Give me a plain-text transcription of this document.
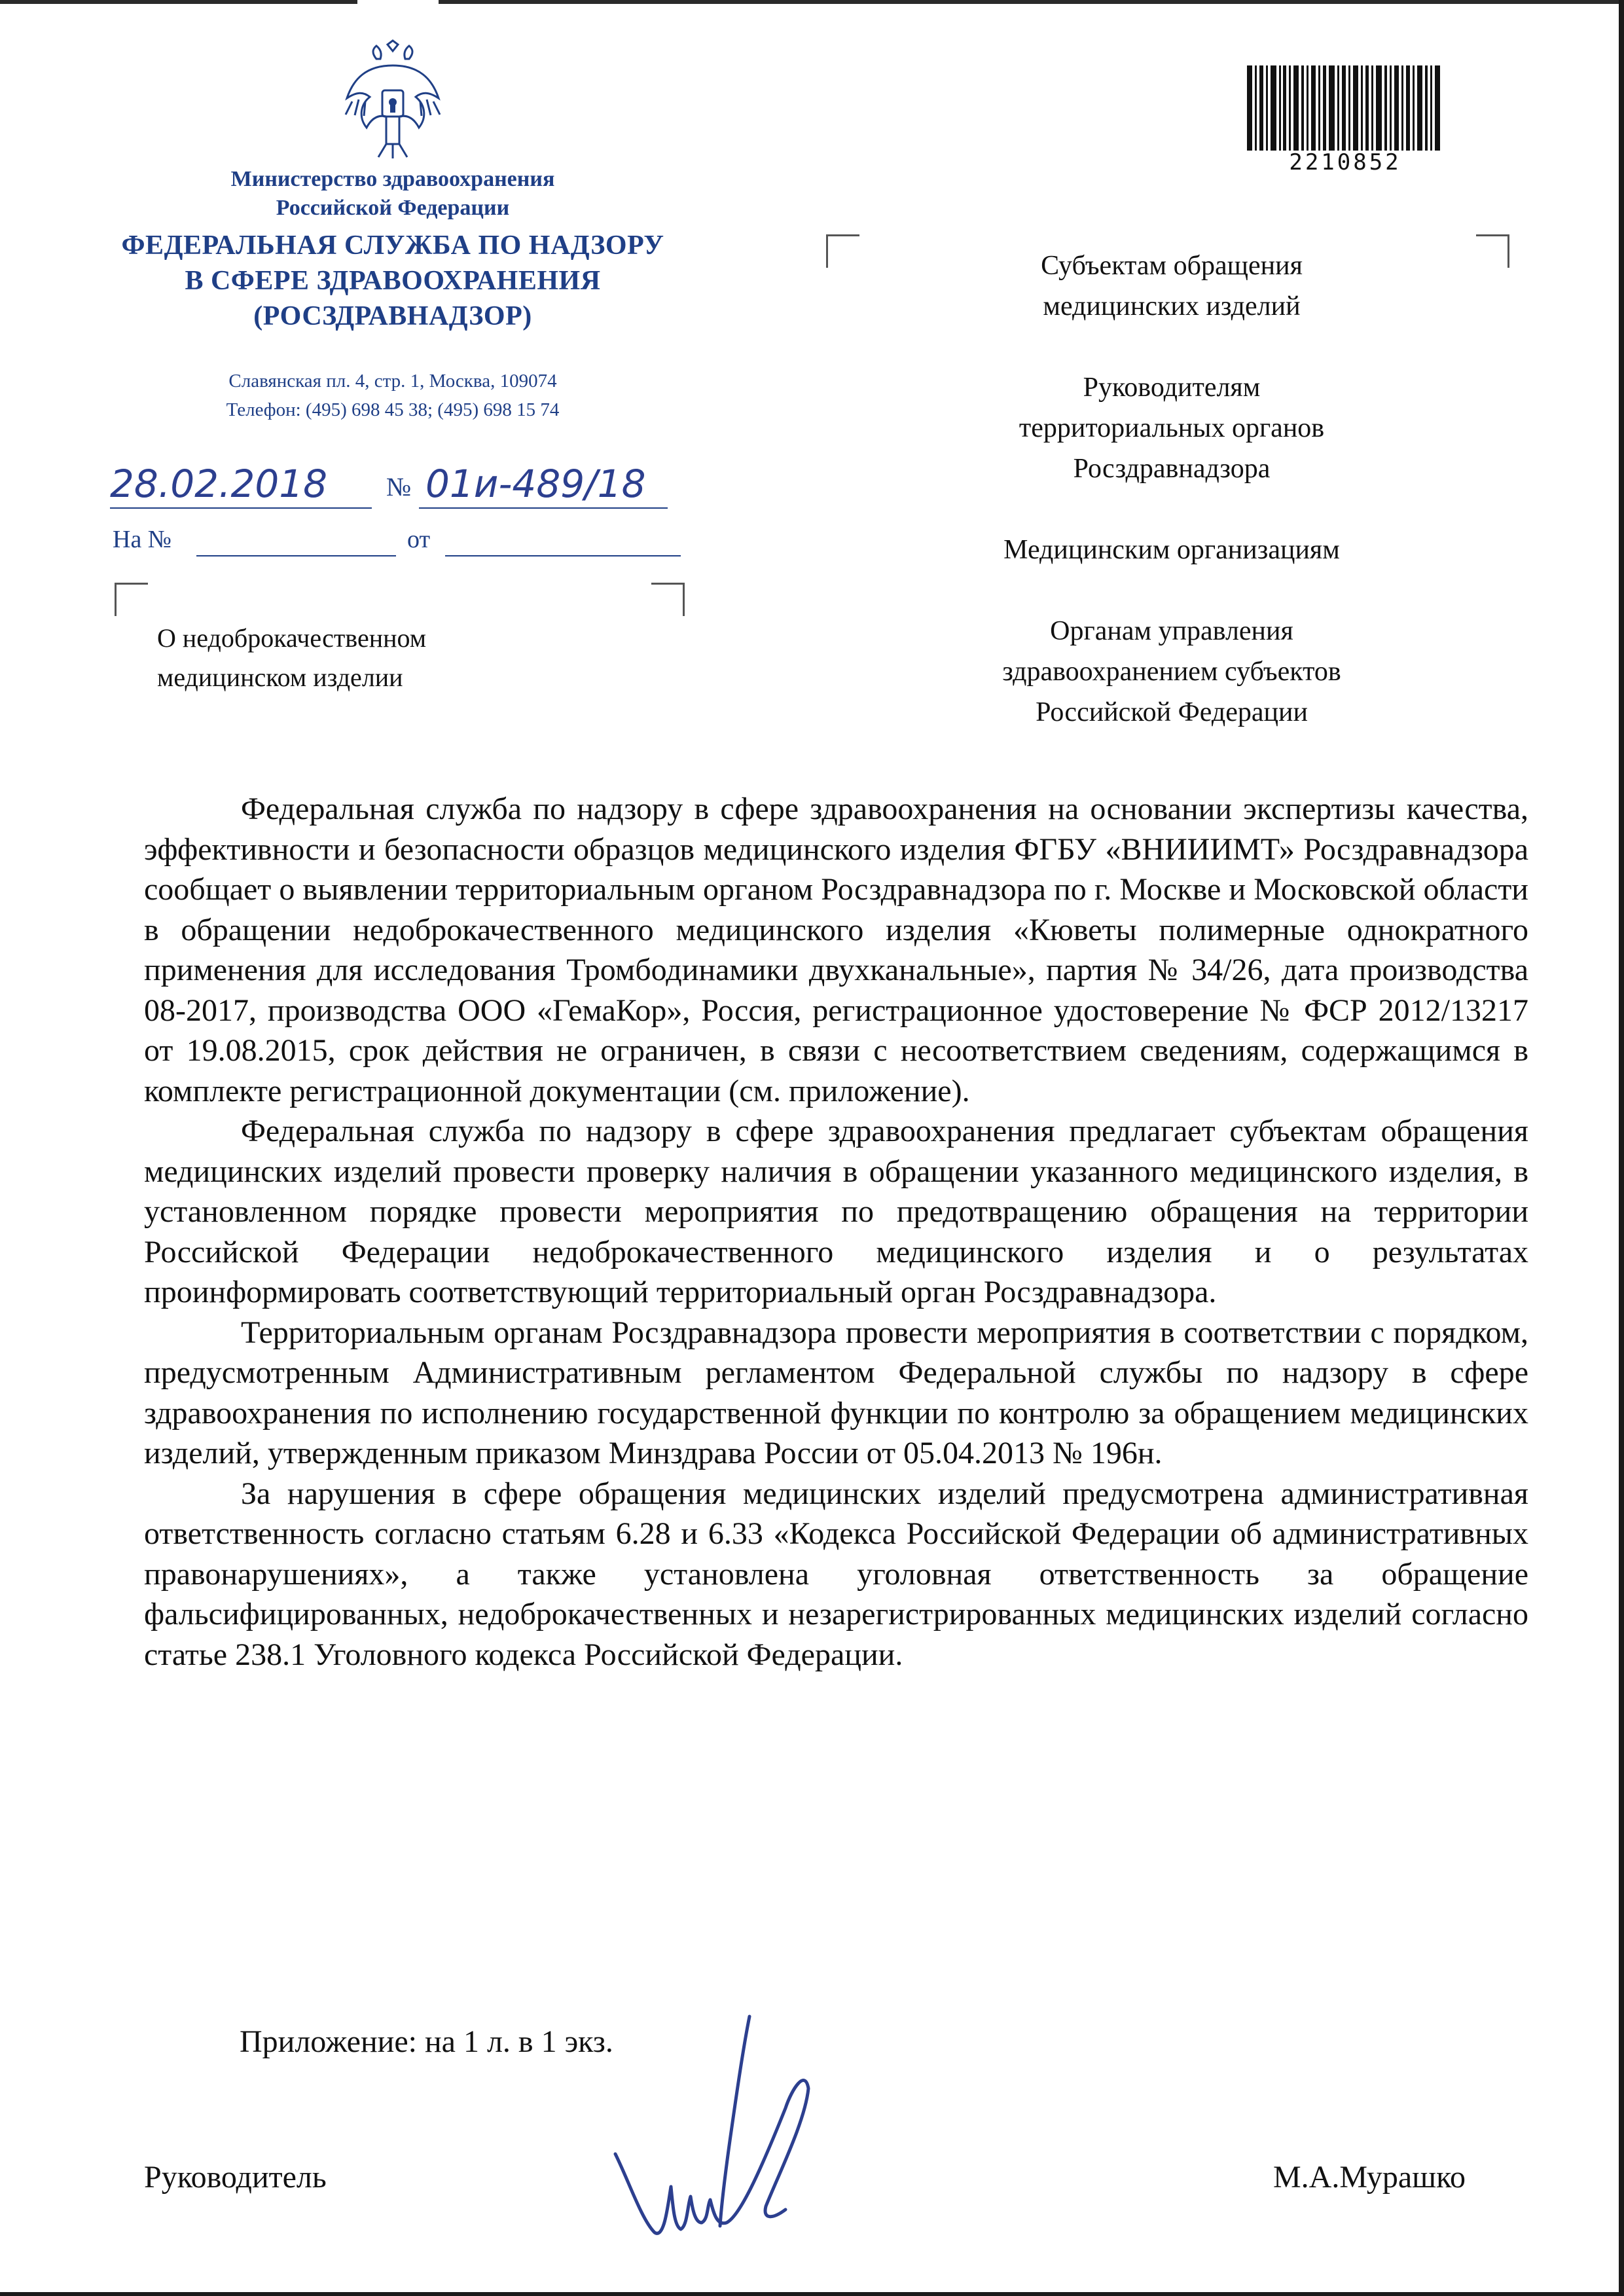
Министерство здравоохранения
Российской Федерации
ФЕДЕРАЛЬНАЯ СЛУЖБА ПО НАДЗОРУ
В СФЕРЕ ЗДРАВООХРАНЕНИЯ
(РОСЗДРАВНАДЗОР)
Славянская пл. 4, стр. 1, Москва, 109074
Телефон: (495) 698 45 38; (495) 698 15 74
28.02.2018 № 01и-489/18
На №	от
О недоброкачественном
медицинском изделии
2210852
Субъектам обращения
медицинских изделий
Руководителям
территориальных органов
Росздравнадзора
Медицинским организациям
Органам управления
здравоохранением субъектов
Российской Федерации

Федеральная служба по надзору в сфере здравоохранения на основании экспертизы качества, эффективности и безопасности образцов медицинского изделия ФГБУ «ВНИИИМТ» Росздравнадзора сообщает о выявлении территориальным органом Росздравнадзора по г. Москве и Московской области в обращении недоброкачественного медицинского изделия «Кюветы полимерные однократного применения для исследования Тромбодинамики двухканальные», партия № 34/26, дата производства 08-2017, производства ООО «ГемаКор», Россия, регистрационное удостоверение № ФСР 2012/13217 от 19.08.2015, срок действия не ограничен, в связи с несоответствием сведениям, содержащимся в комплекте регистрационной документации (см. приложение).

Федеральная служба по надзору в сфере здравоохранения предлагает субъектам обращения медицинских изделий провести проверку наличия в обращении указанного медицинского изделия, в установленном порядке провести мероприятия по предотвращению обращения на территории Российской Федерации недоброкачественного медицинского изделия и о результатах проинформировать соответствующий территориальный орган Росздравнадзора.

Территориальным органам Росздравнадзора провести мероприятия в соответствии с порядком, предусмотренным Административным регламентом Федеральной службы по надзору в сфере здравоохранения по исполнению государственной функции по контролю за обращением медицинских изделий, утвержденным приказом Минздрава России от 05.04.2013 № 196н.

За нарушения в сфере обращения медицинских изделий предусмотрена административная ответственность согласно статьям 6.28 и 6.33 «Кодекса Российской Федерации об административных правонарушениях», а также установлена уголовная ответственность за обращение фальсифицированных, недоброкачественных и незарегистрированных медицинских изделий согласно статье 238.1 Уголовного кодекса Российской Федерации.

Приложение: на 1 л. в 1 экз.
Руководитель	М.А.Мурашко
